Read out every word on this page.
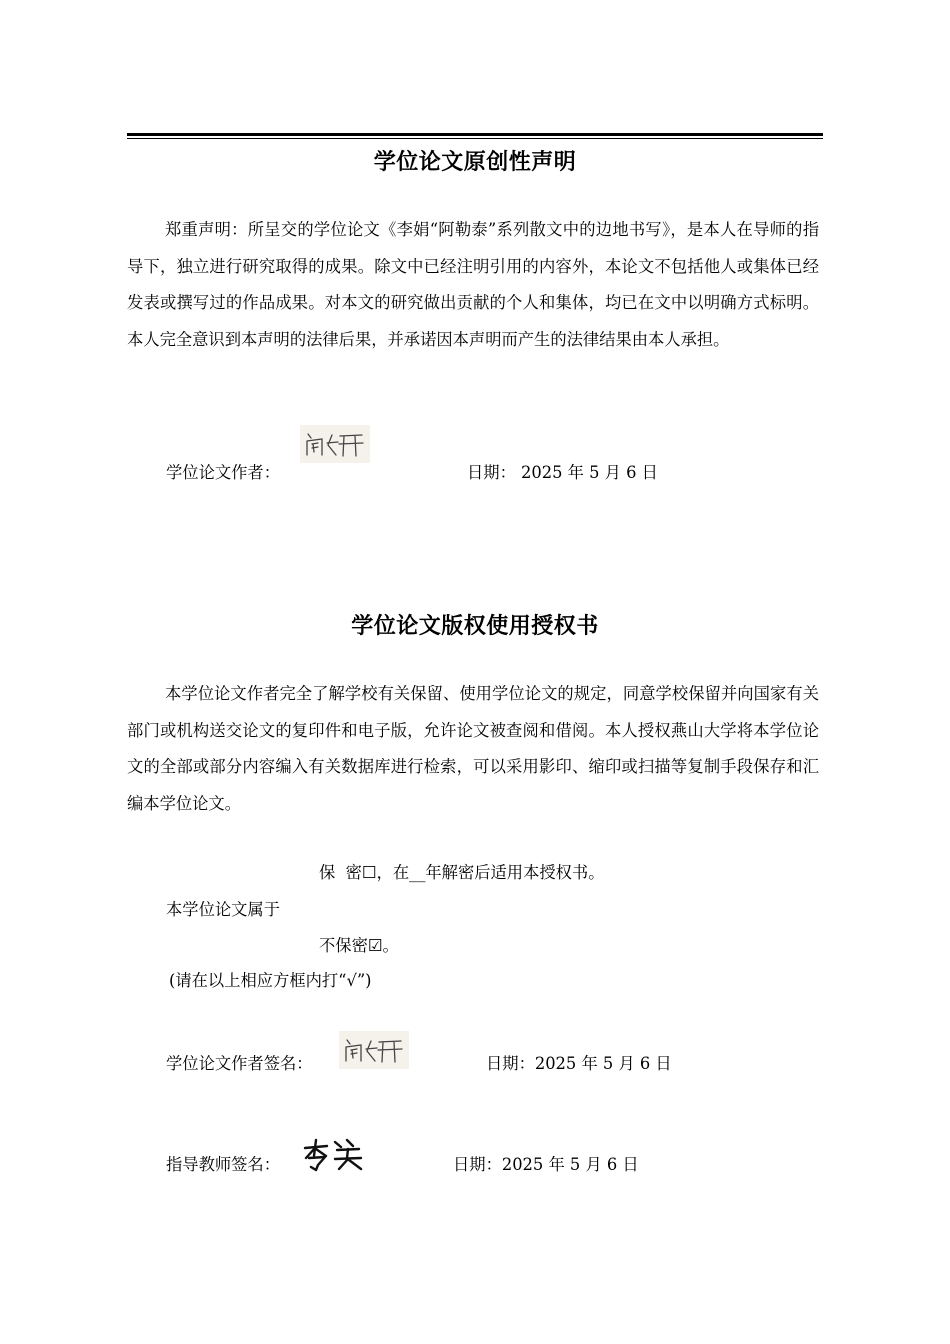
学位论文原创性声明
郑重声明：所呈交的学位论文《李娟“阿勒泰”系列散文中的边地书写》，是本人在导师的指导下，独立进行研究取得的成果。除文中已经注明引用的内容外，本论文不包括他人或集体已经发表或撰写过的作品成果。对本文的研究做出贡献的个人和集体，均已在文中以明确方式标明。本人完全意识到本声明的法律后果，并承诺因本声明而产生的法律结果由本人承担。
学位论文作者：	日期： 2025 年 5 月 6 日
学位论文版权使用授权书
本学位论文作者完全了解学校有关保留、使用学位论文的规定，同意学校保留并向国家有关部门或机构送交论文的复印件和电子版，允许论文被查阅和借阅。本人授权燕山大学将本学位论文的全部或部分内容编入有关数据库进行检索，可以采用影印、缩印或扫描等复制手段保存和汇编本学位论文。
保  密☐，在__年解密后适用本授权书。
本学位论文属于
不保密☑。
(请在以上相应方框内打“√”)
学位论文作者签名：	日期：2025 年 5 月 6 日
指导教师签名：	日期：2025 年 5 月 6 日
